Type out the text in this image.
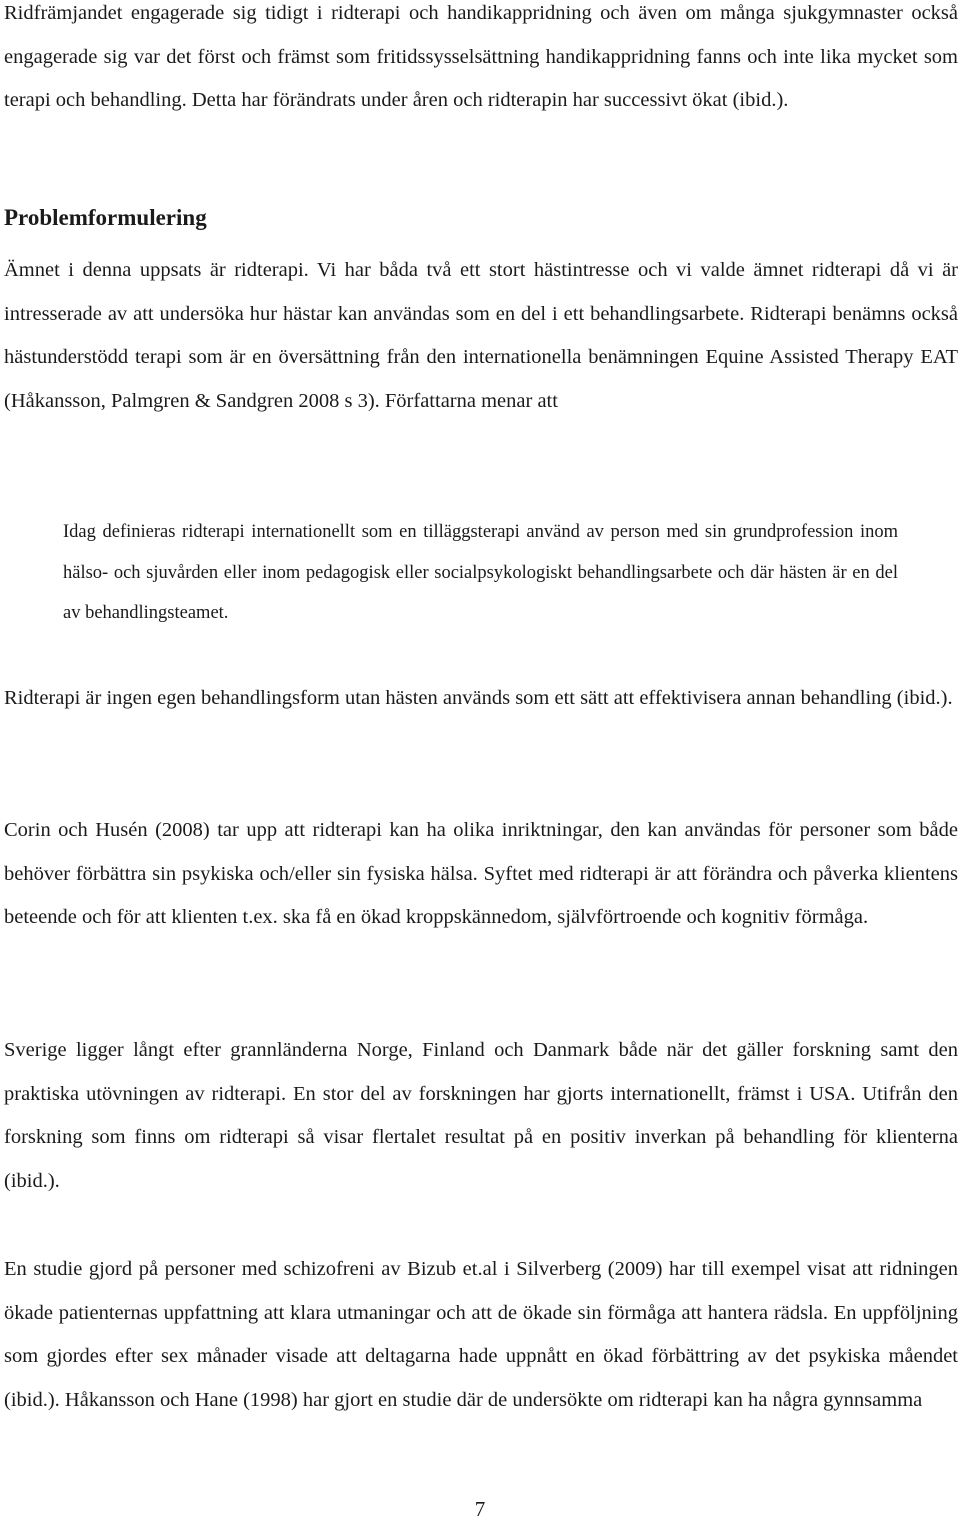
Ridfrämjandet engagerade sig tidigt i ridterapi och handikappridning och även om många sjukgymnaster också engagerade sig var det först och främst som fritidssysselsättning handikappridning fanns och inte lika mycket som terapi och behandling. Detta har förändrats under åren och ridterapin har successivt ökat (ibid.).

Problemformulering

Ämnet i denna uppsats är ridterapi. Vi har båda två ett stort hästintresse och vi valde ämnet ridterapi då vi är intresserade av att undersöka hur hästar kan användas som en del i ett behandlingsarbete. Ridterapi benämns också hästunderstödd terapi som är en översättning från den internationella benämningen Equine Assisted Therapy EAT (Håkansson, Palmgren & Sandgren 2008 s 3). Författarna menar att

Idag definieras ridterapi internationellt som en tilläggsterapi använd av person med sin grundprofession inom hälso- och sjuvården eller inom pedagogisk eller socialpsykologiskt behandlingsarbete och där hästen är en del av behandlingsteamet.

Ridterapi är ingen egen behandlingsform utan hästen används som ett sätt att effektivisera annan behandling (ibid.).

Corin och Husén (2008) tar upp att ridterapi kan ha olika inriktningar, den kan användas för personer som både behöver förbättra sin psykiska och/eller sin fysiska hälsa. Syftet med ridterapi är att förändra och påverka klientens beteende och för att klienten t.ex. ska få en ökad kroppskännedom, självförtroende och kognitiv förmåga.

Sverige ligger långt efter grannländerna Norge, Finland och Danmark både när det gäller forskning samt den praktiska utövningen av ridterapi. En stor del av forskningen har gjorts internationellt, främst i USA. Utifrån den forskning som finns om ridterapi så visar flertalet resultat på en positiv inverkan på behandling för klienterna (ibid.).

En studie gjord på personer med schizofreni av Bizub et.al i Silverberg (2009) har till exempel visat att ridningen ökade patienternas uppfattning att klara utmaningar och att de ökade sin förmåga att hantera rädsla. En uppföljning som gjordes efter sex månader visade att deltagarna hade uppnått en ökad förbättring av det psykiska måendet (ibid.). Håkansson och Hane (1998) har gjort en studie där de undersökte om ridterapi kan ha några gynnsamma

7
